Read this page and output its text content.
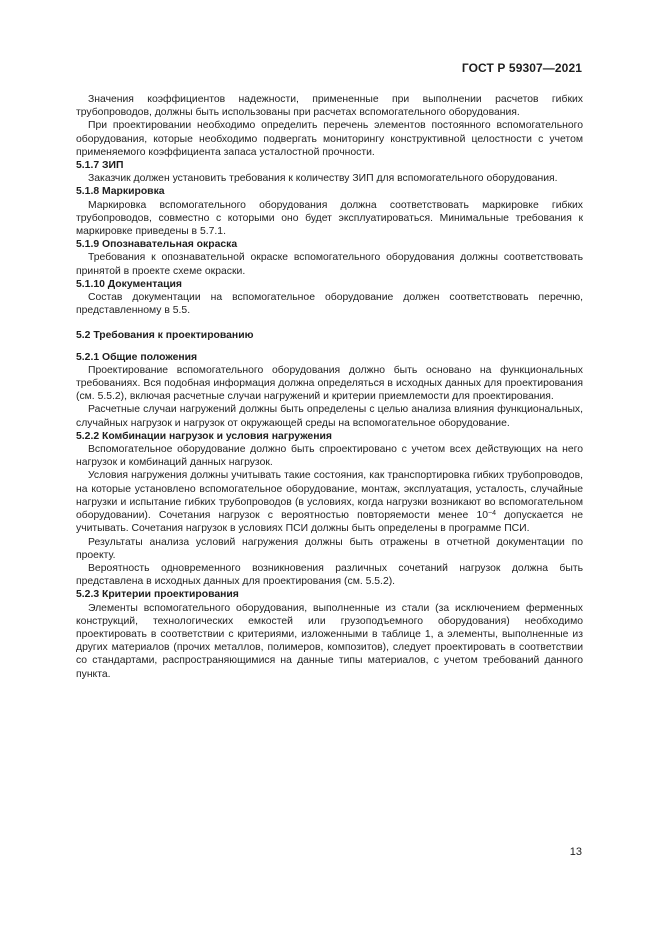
ГОСТ Р 59307—2021

Значения коэффициентов надежности, примененные при выполнении расчетов гибких трубопроводов, должны быть использованы при расчетах вспомогательного оборудования.

При проектировании необходимо определить перечень элементов постоянного вспомогательного оборудования, которые необходимо подвергать мониторингу конструктивной целостности с учетом применяемого коэффициента запаса усталостной прочности.

5.1.7 ЗИП

Заказчик должен установить требования к количеству ЗИП для вспомогательного оборудования.

5.1.8 Маркировка

Маркировка вспомогательного оборудования должна соответствовать маркировке гибких трубопроводов, совместно с которыми оно будет эксплуатироваться. Минимальные требования к маркировке приведены в 5.7.1.

5.1.9 Опознавательная окраска

Требования к опознавательной окраске вспомогательного оборудования должны соответствовать принятой в проекте схеме окраски.

5.1.10 Документация

Состав документации на вспомогательное оборудование должен соответствовать перечню, представленному в 5.5.

5.2 Требования к проектированию

5.2.1 Общие положения

Проектирование вспомогательного оборудования должно быть основано на функциональных требованиях. Вся подобная информация должна определяться в исходных данных для проектирования (см. 5.5.2), включая расчетные случаи нагружений и критерии приемлемости для проектирования.

Расчетные случаи нагружений должны быть определены с целью анализа влияния функциональных, случайных нагрузок и нагрузок от окружающей среды на вспомогательное оборудование.

5.2.2 Комбинации нагрузок и условия нагружения

Вспомогательное оборудование должно быть спроектировано с учетом всех действующих на него нагрузок и комбинаций данных нагрузок.

Условия нагружения должны учитывать такие состояния, как транспортировка гибких трубопроводов, на которые установлено вспомогательное оборудование, монтаж, эксплуатация, усталость, случайные нагрузки и испытание гибких трубопроводов (в условиях, когда нагрузки возникают во вспомогательном оборудовании). Сочетания нагрузок с вероятностью повторяемости менее $10^{-4}$ допускается не учитывать. Сочетания нагрузок в условиях ПСИ должны быть определены в программе ПСИ.

Результаты анализа условий нагружения должны быть отражены в отчетной документации по проекту.

Вероятность одновременного возникновения различных сочетаний нагрузок должна быть представлена в исходных данных для проектирования (см. 5.5.2).

5.2.3 Критерии проектирования

Элементы вспомогательного оборудования, выполненные из стали (за исключением ферменных конструкций, технологических емкостей или грузоподъемного оборудования) необходимо проектировать в соответствии с критериями, изложенными в таблице 1, а элементы, выполненные из других материалов (прочих металлов, полимеров, композитов), следует проектировать в соответствии со стандартами, распространяющимися на данные типы материалов, с учетом требований данного пункта.

13
